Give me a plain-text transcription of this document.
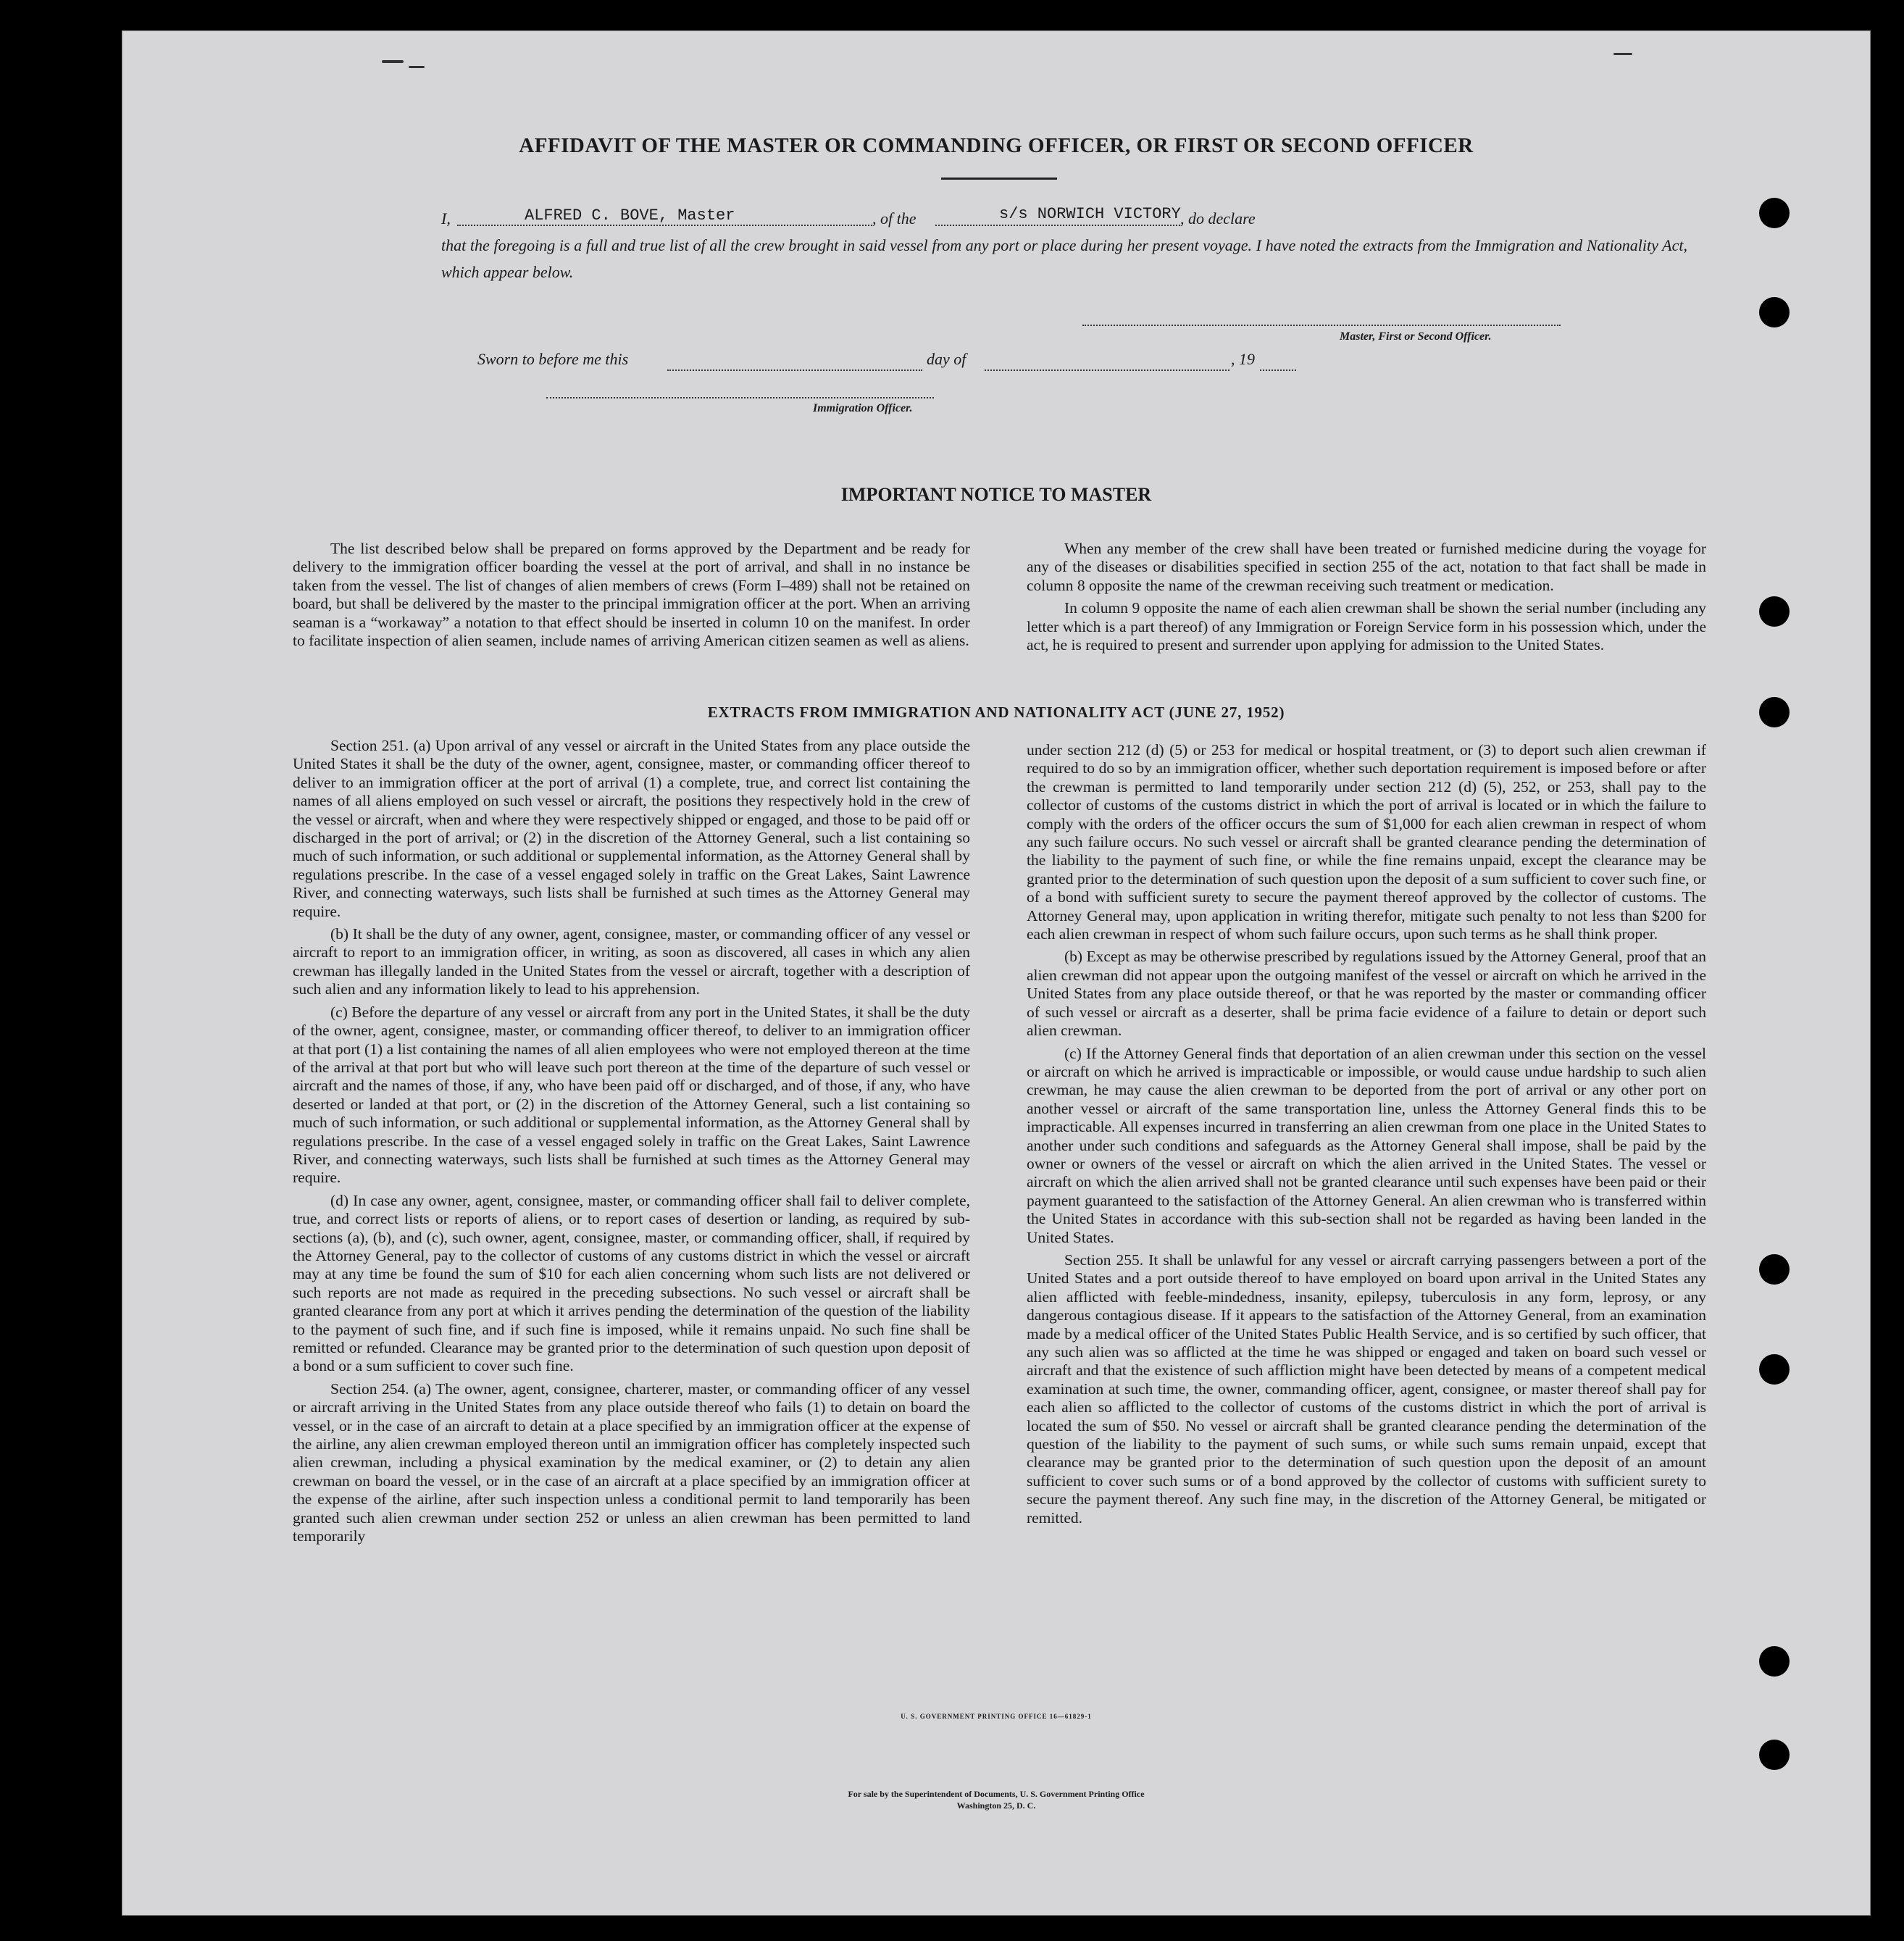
AFFIDAVIT OF THE MASTER OR COMMANDING OFFICER, OR FIRST OR SECOND OFFICER
I,	ALFRED C. BOVE, Master	, of the	s/s NORWICH VICTORY , do declare
that the foregoing is a full and true list of all the crew brought in said vessel from any port or place during her present voyage. I have noted the extracts from the Immigration and Nationality Act, which appear below.
Master, First or Second Officer.
Sworn to before me this	day of	, 19
Immigration Officer.
IMPORTANT NOTICE TO MASTER

The list described below shall be prepared on forms approved by the Department and be ready for delivery to the immigration officer boarding the vessel at the port of arrival, and shall in no instance be taken from the vessel. The list of changes of alien members of crews (Form I–489) shall not be retained on board, but shall be delivered by the master to the principal immigration officer at the port. When an arriving seaman is a “workaway” a notation to that effect should be inserted in column 10 on the manifest. In order to facilitate inspection of alien seamen, include names of arriving American citizen seamen as well as aliens.

When any member of the crew shall have been treated or furnished medicine during the voyage for any of the diseases or disabilities specified in section 255 of the act, notation to that fact shall be made in column 8 opposite the name of the crewman receiving such treatment or medication.

In column 9 opposite the name of each alien crewman shall be shown the serial number (including any letter which is a part thereof) of any Immigration or Foreign Service form in his possession which, under the act, he is required to present and surrender upon applying for admission to the United States.

EXTRACTS FROM IMMIGRATION AND NATIONALITY ACT (JUNE 27, 1952)

Section 251. (a) Upon arrival of any vessel or aircraft in the United States from any place outside the United States it shall be the duty of the owner, agent, consignee, master, or commanding officer thereof to deliver to an immigration officer at the port of arrival (1) a complete, true, and correct list containing the names of all aliens employed on such vessel or aircraft, the positions they respectively hold in the crew of the vessel or aircraft, when and where they were respectively shipped or engaged, and those to be paid off or discharged in the port of arrival; or (2) in the discretion of the Attorney General, such a list containing so much of such information, or such additional or supplemental information, as the Attorney General shall by regulations prescribe. In the case of a vessel engaged solely in traffic on the Great Lakes, Saint Lawrence River, and connecting waterways, such lists shall be furnished at such times as the Attorney General may require.

(b) It shall be the duty of any owner, agent, consignee, master, or commanding officer of any vessel or aircraft to report to an immigration officer, in writing, as soon as discovered, all cases in which any alien crewman has illegally landed in the United States from the vessel or aircraft, together with a description of such alien and any information likely to lead to his apprehension.

(c) Before the departure of any vessel or aircraft from any port in the United States, it shall be the duty of the owner, agent, consignee, master, or commanding officer thereof, to deliver to an immigration officer at that port (1) a list containing the names of all alien employees who were not employed thereon at the time of the arrival at that port but who will leave such port thereon at the time of the departure of such vessel or aircraft and the names of those, if any, who have been paid off or discharged, and of those, if any, who have deserted or landed at that port, or (2) in the discretion of the Attorney General, such a list containing so much of such information, or such additional or supplemental information, as the Attorney General shall by regulations prescribe. In the case of a vessel engaged solely in traffic on the Great Lakes, Saint Lawrence River, and connecting waterways, such lists shall be furnished at such times as the Attorney General may require.

(d) In case any owner, agent, consignee, master, or commanding officer shall fail to deliver complete, true, and correct lists or reports of aliens, or to report cases of desertion or landing, as required by sub-sections (a), (b), and (c), such owner, agent, consignee, master, or commanding officer, shall, if required by the Attorney General, pay to the collector of customs of any customs district in which the vessel or aircraft may at any time be found the sum of $10 for each alien concerning whom such lists are not delivered or such reports are not made as required in the preceding subsections. No such vessel or aircraft shall be granted clearance from any port at which it arrives pending the determination of the question of the liability to the payment of such fine, and if such fine is imposed, while it remains unpaid. No such fine shall be remitted or refunded. Clearance may be granted prior to the determination of such question upon deposit of a bond or a sum sufficient to cover such fine.

Section 254. (a) The owner, agent, consignee, charterer, master, or commanding officer of any vessel or aircraft arriving in the United States from any place outside thereof who fails (1) to detain on board the vessel, or in the case of an aircraft to detain at a place specified by an immigration officer at the expense of the airline, any alien crewman employed thereon until an immigration officer has completely inspected such alien crewman, including a physical examination by the medical examiner, or (2) to detain any alien crewman on board the vessel, or in the case of an aircraft at a place specified by an immigration officer at the expense of the airline, after such inspection unless a conditional permit to land temporarily has been granted such alien crewman under section 252 or unless an alien crewman has been permitted to land temporarily

under section 212 (d) (5) or 253 for medical or hospital treatment, or (3) to deport such alien crewman if required to do so by an immigration officer, whether such deportation requirement is imposed before or after the crewman is permitted to land temporarily under section 212 (d) (5), 252, or 253, shall pay to the collector of customs of the customs district in which the port of arrival is located or in which the failure to comply with the orders of the officer occurs the sum of $1,000 for each alien crewman in respect of whom any such failure occurs. No such vessel or aircraft shall be granted clearance pending the determination of the liability to the payment of such fine, or while the fine remains unpaid, except the clearance may be granted prior to the determination of such question upon the deposit of a sum sufficient to cover such fine, or of a bond with sufficient surety to secure the payment thereof approved by the collector of customs. The Attorney General may, upon application in writing therefor, mitigate such penalty to not less than $200 for each alien crewman in respect of whom such failure occurs, upon such terms as he shall think proper.

(b) Except as may be otherwise prescribed by regulations issued by the Attorney General, proof that an alien crewman did not appear upon the outgoing manifest of the vessel or aircraft on which he arrived in the United States from any place outside thereof, or that he was reported by the master or commanding officer of such vessel or aircraft as a deserter, shall be prima facie evidence of a failure to detain or deport such alien crewman.

(c) If the Attorney General finds that deportation of an alien crewman under this section on the vessel or aircraft on which he arrived is impracticable or impossible, or would cause undue hardship to such alien crewman, he may cause the alien crewman to be deported from the port of arrival or any other port on another vessel or aircraft of the same transportation line, unless the Attorney General finds this to be impracticable. All expenses incurred in transferring an alien crewman from one place in the United States to another under such conditions and safeguards as the Attorney General shall impose, shall be paid by the owner or owners of the vessel or aircraft on which the alien arrived in the United States. The vessel or aircraft on which the alien arrived shall not be granted clearance until such expenses have been paid or their payment guaranteed to the satisfaction of the Attorney General. An alien crewman who is transferred within the United States in accordance with this sub-section shall not be regarded as having been landed in the United States.

Section 255. It shall be unlawful for any vessel or aircraft carrying passengers between a port of the United States and a port outside thereof to have employed on board upon arrival in the United States any alien afflicted with feeble-mindedness, insanity, epilepsy, tuberculosis in any form, leprosy, or any dangerous contagious disease. If it appears to the satisfaction of the Attorney General, from an examination made by a medical officer of the United States Public Health Service, and is so certified by such officer, that any such alien was so afflicted at the time he was shipped or engaged and taken on board such vessel or aircraft and that the existence of such affliction might have been detected by means of a competent medical examination at such time, the owner, commanding officer, agent, consignee, or master thereof shall pay for each alien so afflicted to the collector of customs of the customs district in which the port of arrival is located the sum of $50. No vessel or aircraft shall be granted clearance pending the determination of the question of the liability to the payment of such sums, or while such sums remain unpaid, except that clearance may be granted prior to the determination of such question upon the deposit of an amount sufficient to cover such sums or of a bond approved by the collector of customs with sufficient surety to secure the payment thereof. Any such fine may, in the discretion of the Attorney General, be mitigated or remitted.

U. S. GOVERNMENT PRINTING OFFICE 16—61829-1
For sale by the Superintendent of Documents, U. S. Government Printing Office
Washington 25, D. C.
